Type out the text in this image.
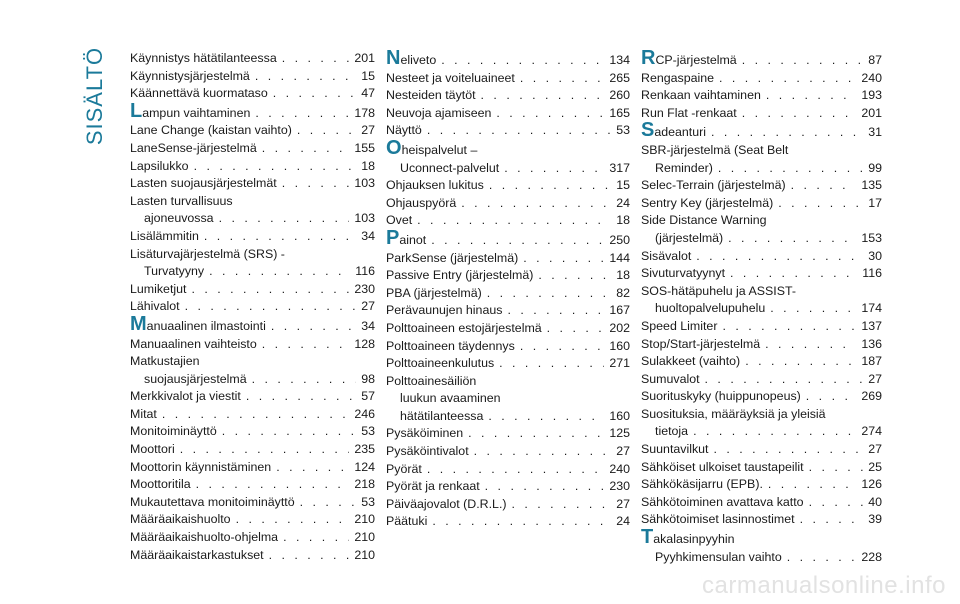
SISÄLTÖ Käynnistys hätätilanteessa . . .	201
Käynnistysjärjestelmä . . .	15
Käännettävä kuormataso . . .	47
Lampun vaihtaminen . . .	178
Lane Change (kaistan vaihto) . . .	27
LaneSense-järjestelmä . . .	155
Lapsilukko . . .	18
Lasten suojausjärjestelmät . . .	103
Lasten turvallisuus
ajoneuvossa . . .	103
Lisälämmitin . . .	34
Lisäturvajärjestelmä (SRS) -
Turvatyyny . . .	116
Lumiketjut . . .	230
Lähivalot . . .	27
Manuaalinen ilmastointi . . .	34
Manuaalinen vaihteisto . . .	128
Matkustajien
suojausjärjestelmä . . .	98
Merkkivalot ja viestit . . .	57
Mitat . . .	246
Monitoiminäyttö . . .	53
Moottori . . .	235
Moottorin käynnistäminen . . .	124
Moottoritila . . .	218
Mukautettava monitoiminäyttö . . .	53
Määräaikaishuolto . . .	210
Määräaikaishuolto-ohjelma . . .	210
Määräaikaistarkastukset . . .	210
Neliveto . . .	134
Nesteet ja voiteluaineet . . .	265
Nesteiden täytöt . . .	260
Neuvoja ajamiseen . . .	165
Näyttö . . .	53
Oheispalvelut –
Uconnect-palvelut . . .	317
Ohjauksen lukitus . . .	15
Ohjauspyörä . . .	24
Ovet . . .	18
Painot . . .	250
ParkSense (järjestelmä) . . .	144
Passive Entry (järjestelmä) . . .	18
PBA (järjestelmä) . . .	82
Perävaunujen hinaus . . .	167
Polttoaineen estojärjestelmä . . .	202
Polttoaineen täydennys . . .	160
Polttoaineenkulutus . . .	271
Polttoainesäiliön
luukun avaaminen
hätätilanteessa . . .	160
Pysäköiminen . . .	125
Pysäköintivalot . . .	27
Pyörät . . .	240
Pyörät ja renkaat . . .	230
Päiväajovalot (D.R.L.) . . .	27
Päätuki . . .	24
RCP-järjestelmä . . .	87
Rengaspaine . . .	240
Renkaan vaihtaminen . . .	193
Run Flat -renkaat . . .	201
Sadeanturi . . .	31
SBR-järjestelmä (Seat Belt
Reminder) . . .	99
Selec-Terrain (järjestelmä) . . .	135
Sentry Key (järjestelmä) . . .	17
Side Distance Warning
(järjestelmä) . . .	153
Sisävalot . . .	30
Sivuturvatyynyt . . .	116
SOS-hätäpuhelu ja ASSIST-
huoltopalvelupuhelu . . .	174
Speed Limiter . . .	137
Stop/Start-järjestelmä . . .	136
Sulakkeet (vaihto) . . .	187
Sumuvalot . . .	27
Suorituskyky (huippunopeus) . . .	269
Suosituksia, määräyksiä ja yleisiä
tietoja . . .	274
Suuntavilkut . . .	27
Sähköiset ulkoiset taustapeilit . . .	25
Sähkökäsijarru (EPB). . . .	126
Sähkötoiminen avattava katto . . .	40
Sähkötoimiset lasinnostimet . . .	39
Takalasinpyyhin
Pyyhkimensulan vaihto . . .	228
carmanualsonline.info
